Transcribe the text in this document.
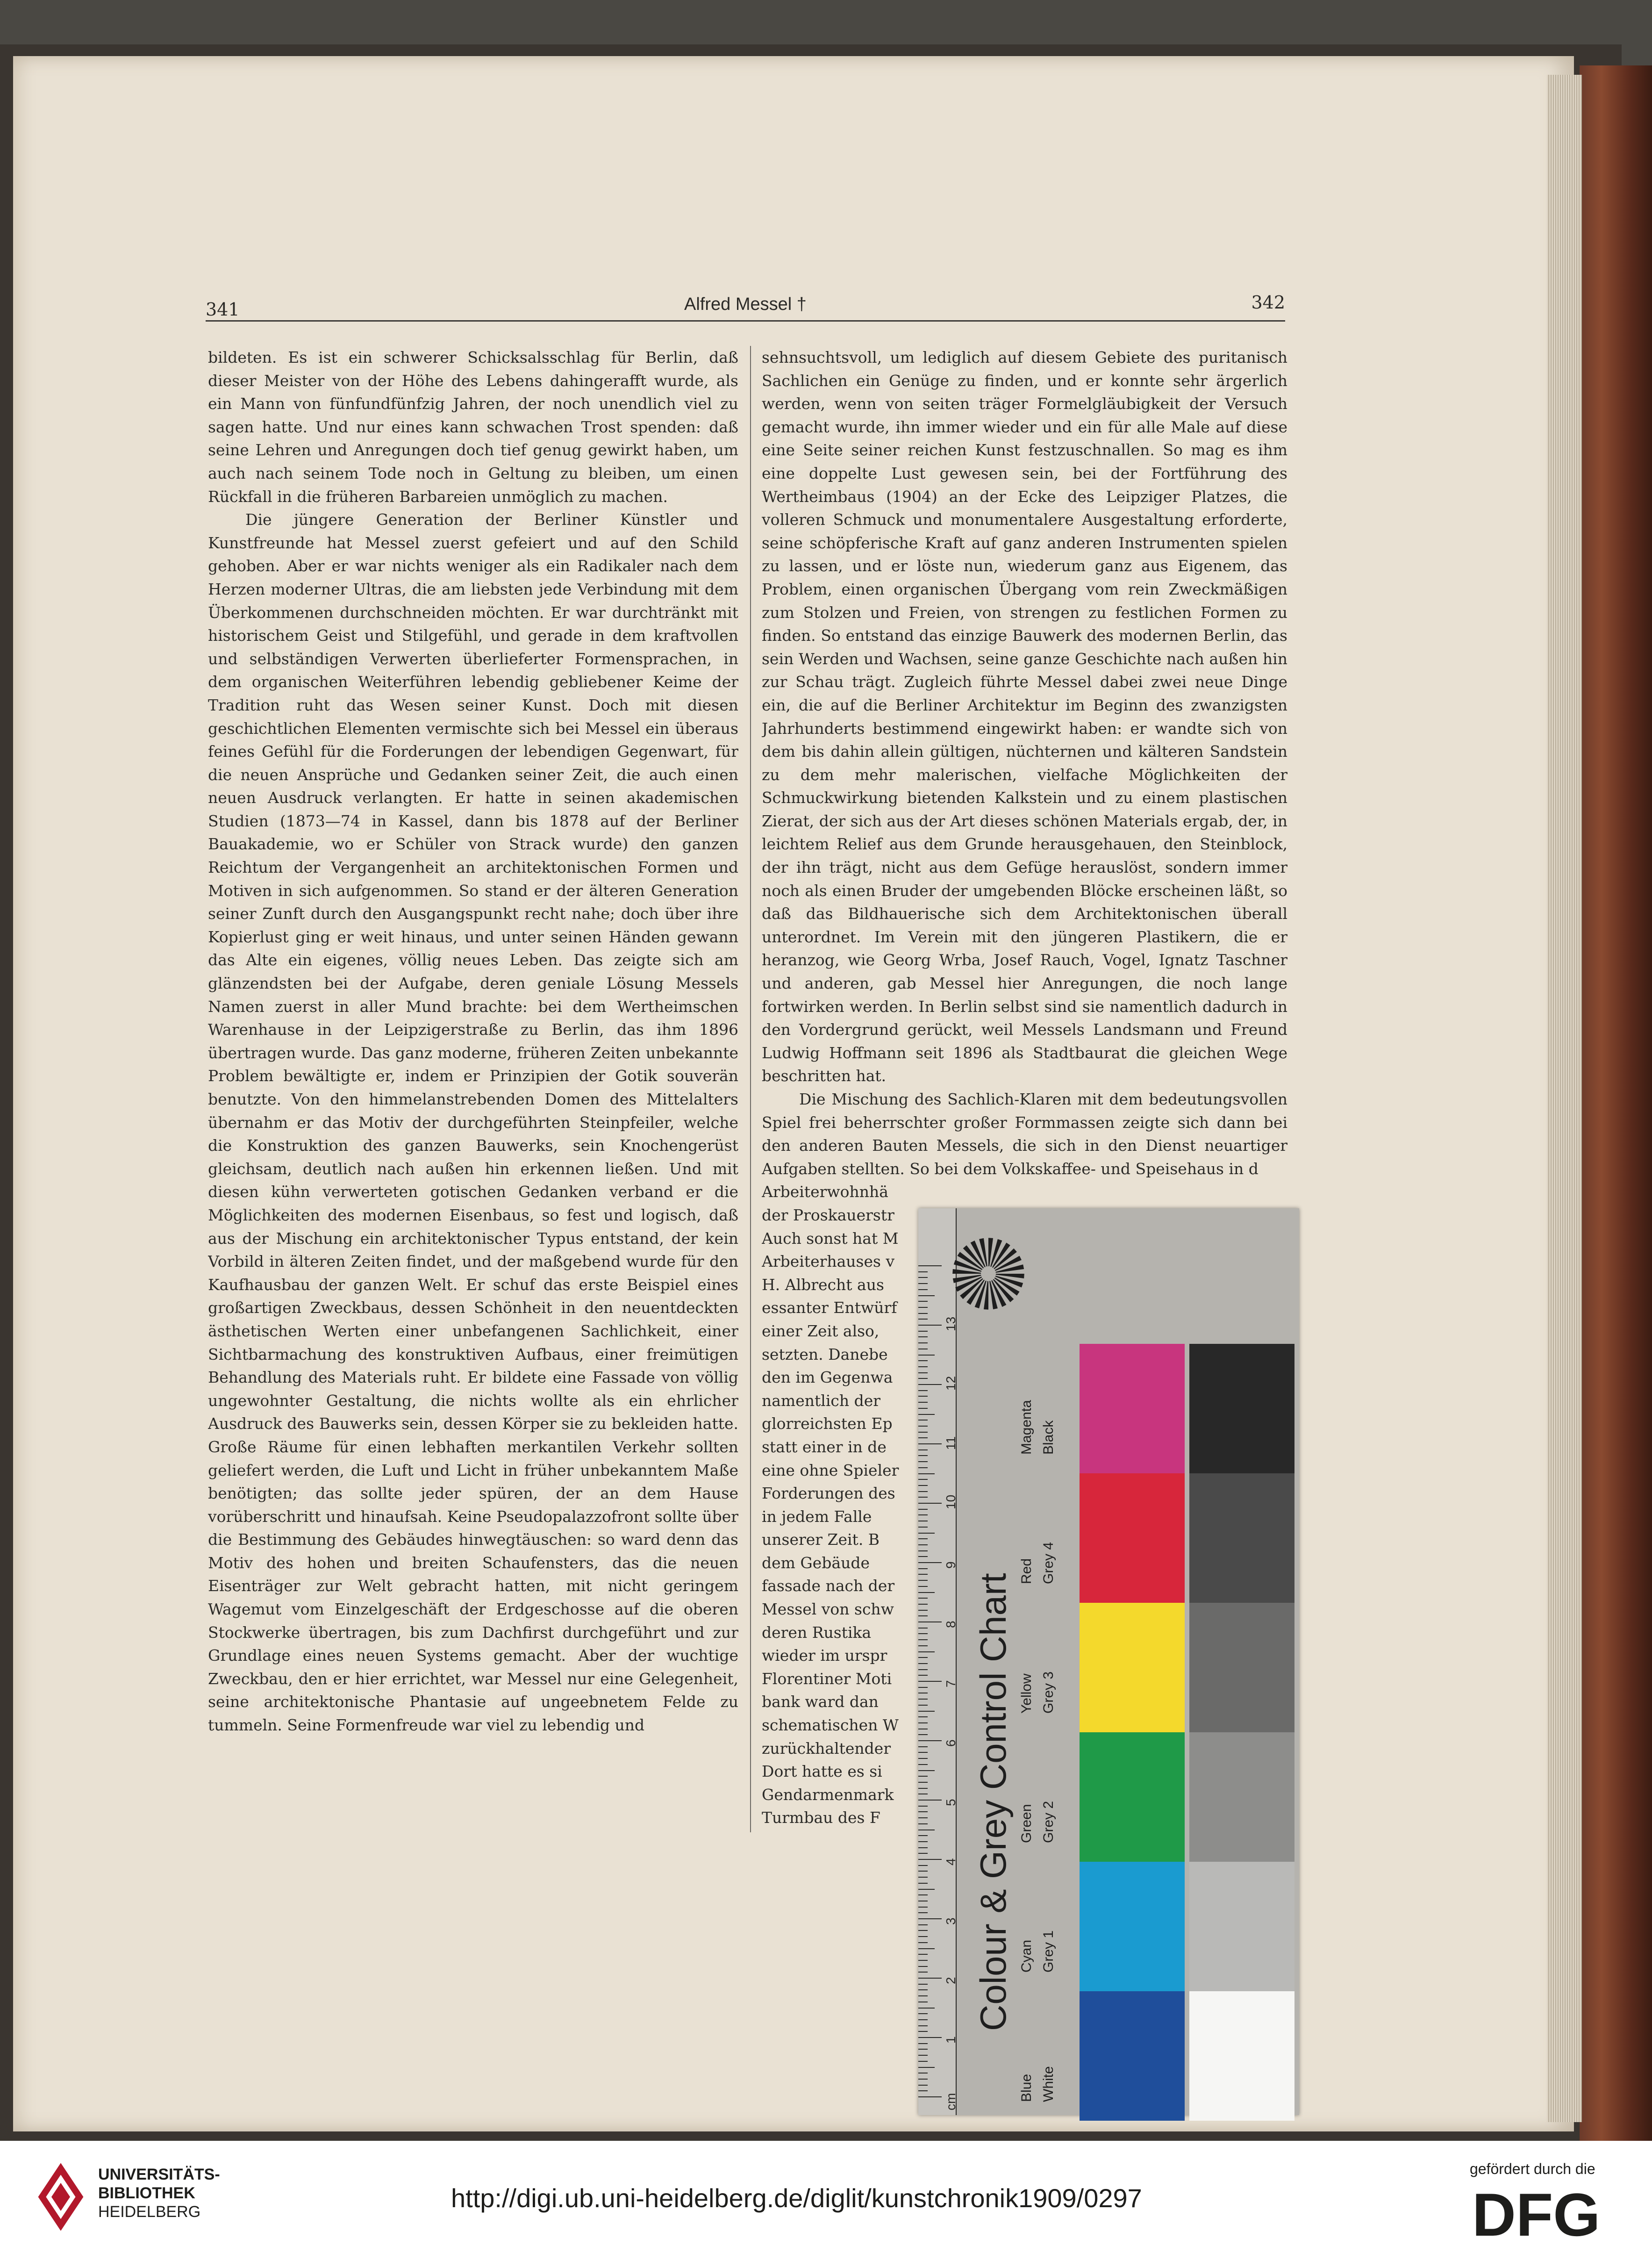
341	Alfred Messel †	342

bildeten. Es ist ein schwerer Schicksalsschlag für Berlin, daß dieser Meister von der Höhe des Lebens dahingerafft wurde, als ein Mann von fünfundfünfzig Jahren, der noch unendlich viel zu sagen hatte. Und nur eines kann schwachen Trost spenden: daß seine Lehren und Anregungen doch tief genug gewirkt haben, um auch nach seinem Tode noch in Geltung zu bleiben, um einen Rückfall in die früheren Barbareien unmöglich zu machen.

Die jüngere Generation der Berliner Künstler und Kunstfreunde hat Messel zuerst gefeiert und auf den Schild gehoben. Aber er war nichts weniger als ein Radikaler nach dem Herzen moderner Ultras, die am liebsten jede Verbindung mit dem Überkommenen durchschneiden möchten. Er war durchtränkt mit historischem Geist und Stilgefühl, und gerade in dem kraftvollen und selbständigen Verwerten überlieferter Formensprachen, in dem organischen Weiterführen lebendig gebliebener Keime der Tradition ruht das Wesen seiner Kunst. Doch mit diesen geschichtlichen Elementen vermischte sich bei Messel ein überaus feines Gefühl für die Forderungen der lebendigen Gegenwart, für die neuen Ansprüche und Gedanken seiner Zeit, die auch einen neuen Ausdruck verlangten. Er hatte in seinen akademischen Studien (1873—74 in Kassel, dann bis 1878 auf der Berliner Bauakademie, wo er Schüler von Strack wurde) den ganzen Reichtum der Vergangenheit an architektonischen Formen und Motiven in sich aufgenommen. So stand er der älteren Generation seiner Zunft durch den Ausgangspunkt recht nahe; doch über ihre Kopierlust ging er weit hinaus, und unter seinen Händen gewann das Alte ein eigenes, völlig neues Leben. Das zeigte sich am glänzendsten bei der Aufgabe, deren geniale Lösung Messels Namen zuerst in aller Mund brachte: bei dem Wertheimschen Warenhause in der Leipzigerstraße zu Berlin, das ihm 1896 übertragen wurde. Das ganz moderne, früheren Zeiten unbekannte Problem bewältigte er, indem er Prinzipien der Gotik souverän benutzte. Von den himmelanstrebenden Domen des Mittelalters übernahm er das Motiv der durchgeführten Steinpfeiler, welche die Konstruktion des ganzen Bauwerks, sein Knochengerüst gleichsam, deutlich nach außen hin erkennen ließen. Und mit diesen kühn verwerteten gotischen Gedanken verband er die Möglichkeiten des modernen Eisenbaus, so fest und logisch, daß aus der Mischung ein architektonischer Typus entstand, der kein Vorbild in älteren Zeiten findet, und der maßgebend wurde für den Kaufhausbau der ganzen Welt. Er schuf das erste Beispiel eines großartigen Zweckbaus, dessen Schönheit in den neuentdeckten ästhetischen Werten einer unbefangenen Sachlichkeit, einer Sichtbarmachung des konstruktiven Aufbaus, einer freimütigen Behandlung des Materials ruht. Er bildete eine Fassade von völlig ungewohnter Gestaltung, die nichts wollte als ein ehrlicher Ausdruck des Bauwerks sein, dessen Körper sie zu bekleiden hatte. Große Räume für einen lebhaften merkantilen Verkehr sollten geliefert werden, die Luft und Licht in früher unbekanntem Maße benötigten; das sollte jeder spüren, der an dem Hause vorüberschritt und hinaufsah. Keine Pseudopalazzofront sollte über die Bestimmung des Gebäudes hinwegtäuschen: so ward denn das Motiv des hohen und breiten Schaufensters, das die neuen Eisenträger zur Welt gebracht hatten, mit nicht geringem Wagemut vom Einzelgeschäft der Erdgeschosse auf die oberen Stockwerke übertragen, bis zum Dachfirst durchgeführt und zur Grundlage eines neuen Systems gemacht. Aber der wuchtige Zweckbau, den er hier errichtet, war Messel nur eine Gelegenheit, seine architektonische Phantasie auf ungeebnetem Felde zu tummeln. Seine Formenfreude war viel zu lebendig und

sehnsuchtsvoll, um lediglich auf diesem Gebiete des puritanisch Sachlichen ein Genüge zu finden, und er konnte sehr ärgerlich werden, wenn von seiten träger Formelgläubigkeit der Versuch gemacht wurde, ihn immer wieder und ein für alle Male auf diese eine Seite seiner reichen Kunst festzuschnallen. So mag es ihm eine doppelte Lust gewesen sein, bei der Fortführung des Wertheimbaus (1904) an der Ecke des Leipziger Platzes, die volleren Schmuck und monumentalere Ausgestaltung erforderte, seine schöpferische Kraft auf ganz anderen Instrumenten spielen zu lassen, und er löste nun, wiederum ganz aus Eigenem, das Problem, einen organischen Übergang vom rein Zweckmäßigen zum Stolzen und Freien, von strengen zu festlichen Formen zu finden. So entstand das einzige Bauwerk des modernen Berlin, das sein Werden und Wachsen, seine ganze Geschichte nach außen hin zur Schau trägt. Zugleich führte Messel dabei zwei neue Dinge ein, die auf die Berliner Architektur im Beginn des zwanzigsten Jahrhunderts bestimmend eingewirkt haben: er wandte sich von dem bis dahin allein gültigen, nüchternen und kälteren Sandstein zu dem mehr malerischen, vielfache Möglichkeiten der Schmuckwirkung bietenden Kalkstein und zu einem plastischen Zierat, der sich aus der Art dieses schönen Materials ergab, der, in leichtem Relief aus dem Grunde herausgehauen, den Steinblock, der ihn trägt, nicht aus dem Gefüge herauslöst, sondern immer noch als einen Bruder der umgebenden Blöcke erscheinen läßt, so daß das Bildhauerische sich dem Architektonischen überall unterordnet. Im Verein mit den jüngeren Plastikern, die er heranzog, wie Georg Wrba, Josef Rauch, Vogel, Ignatz Taschner und anderen, gab Messel hier Anregungen, die noch lange fortwirken werden. In Berlin selbst sind sie namentlich dadurch in den Vordergrund gerückt, weil Messels Landsmann und Freund Ludwig Hoffmann seit 1896 als Stadtbaurat die gleichen Wege beschritten hat.

Die Mischung des Sachlich-Klaren mit dem bedeutungsvollen Spiel frei beherrschter großer Formmassen zeigte sich dann bei den anderen Bauten Messels, die sich in den Dienst neuartiger Aufgaben stellten. So bei dem Volkskaffee- und Speisehaus in d

Arbeiterwohnhä
der Proskauerstr
Auch sonst hat M
Arbeiterhauses v
H. Albrecht aus
essanter Entwürf
einer Zeit also,
setzten. Danebe
den im Gegenwa
namentlich der
glorreichsten Ep
statt einer in de
eine ohne Spieler
Forderungen des
in jedem Falle
unserer Zeit. B
dem Gebäude
fassade nach der
Messel von schw
deren Rustika
wieder im urspr
Florentiner Moti
bank ward dan
schematischen W
zurückhaltender
Dort hatte es si
Gendarmenmark
Turmbau des F
1
2
3
4
5
6
7
8
9
10
11
12
13
cm
Colour & Grey Control Chart
Magenta Black
Red Grey 4
Yellow Grey 3
Green Grey 2
Cyan Grey 1
Blue White
UNIVERSITÄTS-
BIBLIOTHEK
HEIDELBERG	http://digi.ub.uni-heidelberg.de/diglit/kunstchronik1909/0297
gefördert durch die
DFG
